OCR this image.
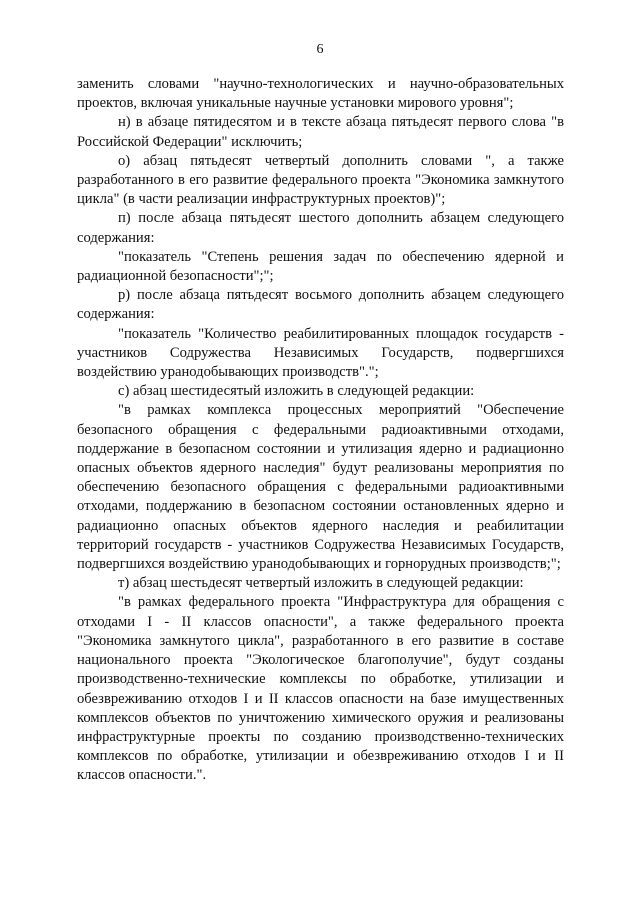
6

заменить словами "научно-технологических и научно-образовательных проектов, включая уникальные научные установки мирового уровня";

н) в абзаце пятидесятом и в тексте абзаца пятьдесят первого слова "в Российской Федерации" исключить;

о) абзац пятьдесят четвертый дополнить словами ", а также разработанного в его развитие федерального проекта "Экономика замкнутого цикла" (в части реализации инфраструктурных проектов)";

п) после абзаца пятьдесят шестого дополнить абзацем следующего содержания:

"показатель "Степень решения задач по обеспечению ядерной и радиационной безопасности";";

р) после абзаца пятьдесят восьмого дополнить абзацем следующего содержания:

"показатель "Количество реабилитированных площадок государств - участников Содружества Независимых Государств, подвергшихся воздействию уранодобывающих производств".";

с) абзац шестидесятый изложить в следующей редакции:

"в рамках комплекса процессных мероприятий "Обеспечение безопасного обращения с федеральными радиоактивными отходами, поддержание в безопасном состоянии и утилизация ядерно и радиационно опасных объектов ядерного наследия" будут реализованы мероприятия по обеспечению безопасного обращения с федеральными радиоактивными отходами, поддержанию в безопасном состоянии остановленных ядерно и радиационно опасных объектов ядерного наследия и реабилитации территорий государств - участников Содружества Независимых Государств, подвергшихся воздействию уранодобывающих и горнорудных производств;";

т) абзац шестьдесят четвертый изложить в следующей редакции:

"в рамках федерального проекта "Инфраструктура для обращения с отходами I - II классов опасности", а также федерального проекта "Экономика замкнутого цикла", разработанного в его развитие в составе национального проекта "Экологическое благополучие", будут созданы производственно-технические комплексы по обработке, утилизации и обезвреживанию отходов I и II классов опасности на базе имущественных комплексов объектов по уничтожению химического оружия и реализованы инфраструктурные проекты по созданию производственно-технических комплексов по обработке, утилизации и обезвреживанию отходов I и II классов опасности.".
